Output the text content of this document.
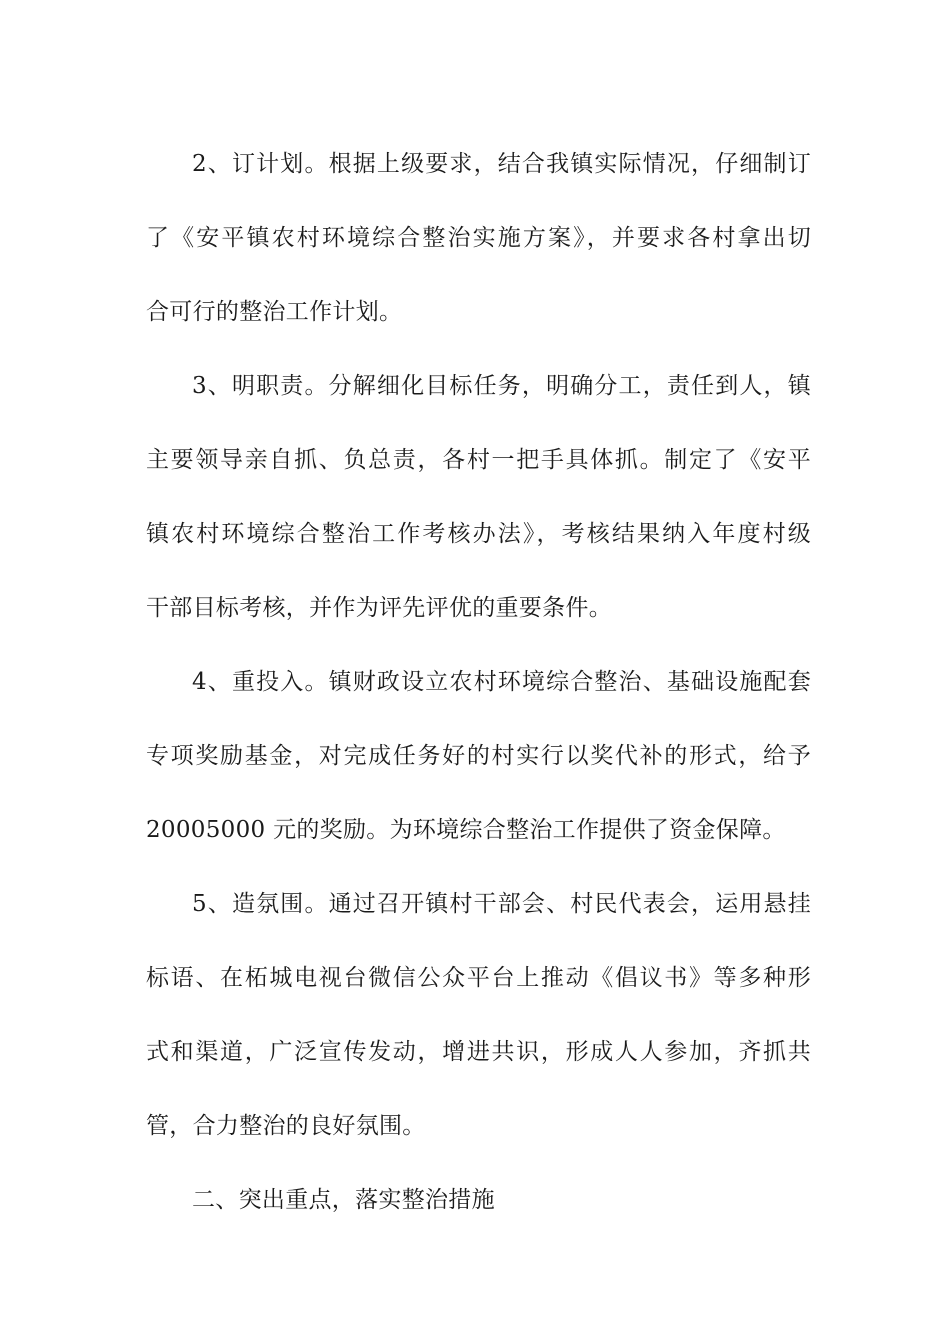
2、订计划。根据上级要求，结合我镇实际情况，仔细制订
了《安平镇农村环境综合整治实施方案》，并要求各村拿出切
合可行的整治工作计划。

3、明职责。分解细化目标任务，明确分工，责任到人，镇
主要领导亲自抓、负总责，各村一把手具体抓。制定了《安平
镇农村环境综合整治工作考核办法》，考核结果纳入年度村级
干部目标考核，并作为评先评优的重要条件。

4、重投入。镇财政设立农村环境综合整治、基础设施配套
专项奖励基金，对完成任务好的村实行以奖代补的形式，给予
20005000 元的奖励。为环境综合整治工作提供了资金保障。

5、造氛围。通过召开镇村干部会、村民代表会，运用悬挂
标语、在柘城电视台微信公众平台上推动《倡议书》等多种形
式和渠道，广泛宣传发动，增进共识，形成人人参加，齐抓共
管，合力整治的良好氛围。

二、突出重点，落实整治措施
